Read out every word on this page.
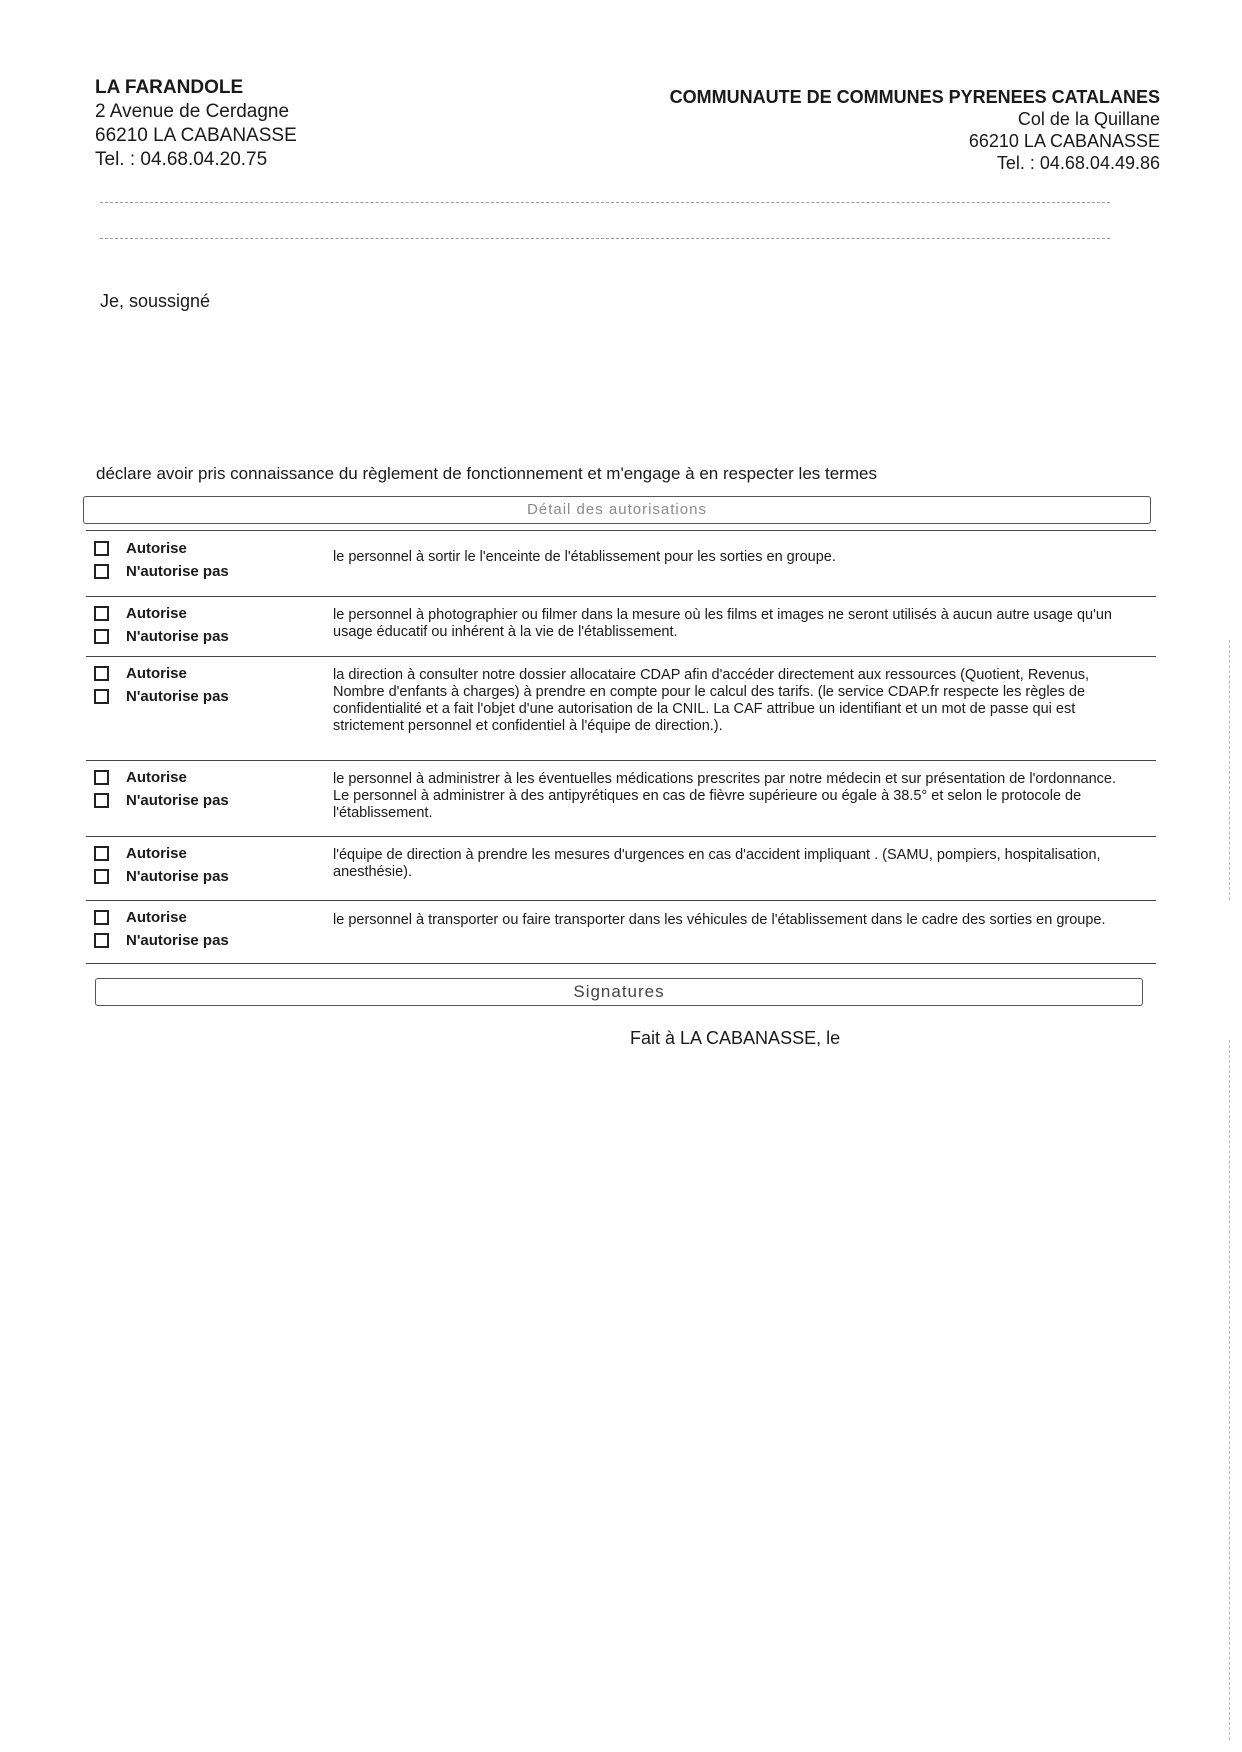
LA FARANDOLE
2 Avenue de Cerdagne
66210 LA CABANASSE
Tel. : 04.68.04.20.75
COMMUNAUTE DE COMMUNES PYRENEES CATALANES
Col de la Quillane
66210 LA CABANASSE
Tel. : 04.68.04.49.86
Je, soussigné
déclare avoir pris connaissance du règlement de fonctionnement et m'engage à en respecter les termes
Détail des autorisations
Autorise
N'autorise pas
le personnel à sortir le l'enceinte de l'établissement pour les sorties en groupe.
Autorise
N'autorise pas
le personnel à photographier ou filmer dans la mesure où les films et images ne seront utilisés à aucun autre usage qu'un usage éducatif ou inhérent à la vie de l'établissement.
Autorise
N'autorise pas
la direction à consulter notre dossier allocataire CDAP afin d'accéder directement aux ressources (Quotient, Revenus, Nombre d'enfants à charges) à prendre en compte pour le calcul des tarifs. (le service CDAP.fr respecte les règles de confidentialité et a fait l'objet d'une autorisation de la CNIL. La CAF attribue un identifiant et un mot de passe qui est strictement personnel et confidentiel à l'équipe de direction.).
Autorise
N'autorise pas
le personnel à administrer à les éventuelles médications prescrites par notre médecin et sur présentation de l'ordonnance. Le personnel à administrer à des antipyrétiques en cas de fièvre supérieure ou égale à 38.5° et selon le protocole de l'établissement.
Autorise
N'autorise pas
l'équipe de direction à prendre les mesures d'urgences en cas d'accident impliquant . (SAMU, pompiers, hospitalisation, anesthésie).
Autorise
N'autorise pas
le personnel à transporter ou faire transporter dans les véhicules de l'établissement dans le cadre des sorties en groupe.
Signatures
Fait à LA CABANASSE, le
